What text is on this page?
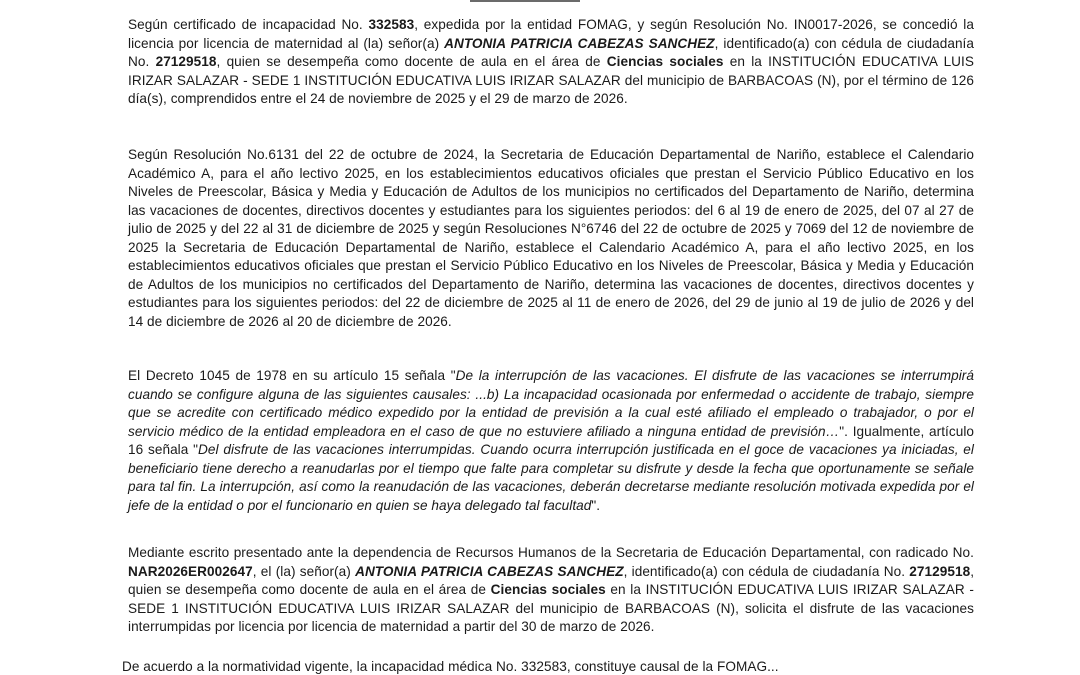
Según certificado de incapacidad No. 332583, expedida por la entidad FOMAG, y según Resolución No. IN0017-2026, se concedió la licencia por licencia de maternidad al (la) señor(a) ANTONIA PATRICIA CABEZAS SANCHEZ, identificado(a) con cédula de ciudadanía No. 27129518, quien se desempeña como docente de aula en el área de Ciencias sociales en la INSTITUCIÓN EDUCATIVA LUIS IRIZAR SALAZAR - SEDE 1 INSTITUCIÓN EDUCATIVA LUIS IRIZAR SALAZAR del municipio de BARBACOAS (N), por el término de 126 día(s), comprendidos entre el 24 de noviembre de 2025 y el 29 de marzo de 2026.

Según Resolución No.6131 del 22 de octubre de 2024, la Secretaria de Educación Departamental de Nariño, establece el Calendario Académico A, para el año lectivo 2025, en los establecimientos educativos oficiales que prestan el Servicio Público Educativo en los Niveles de Preescolar, Básica y Media y Educación de Adultos de los municipios no certificados del Departamento de Nariño, determina las vacaciones de docentes, directivos docentes y estudiantes para los siguientes periodos: del 6 al 19 de enero de 2025, del 07 al 27 de julio de 2025 y del 22 al 31 de diciembre de 2025 y según Resoluciones N°6746 del 22 de octubre de 2025 y 7069 del 12 de noviembre de 2025 la Secretaria de Educación Departamental de Nariño, establece el Calendario Académico A, para el año lectivo 2025, en los establecimientos educativos oficiales que prestan el Servicio Público Educativo en los Niveles de Preescolar, Básica y Media y Educación de Adultos de los municipios no certificados del Departamento de Nariño, determina las vacaciones de docentes, directivos docentes y estudiantes para los siguientes periodos: del 22 de diciembre de 2025 al 11 de enero de 2026, del 29 de junio al 19 de julio de 2026 y del 14 de diciembre de 2026 al 20 de diciembre de 2026.

El Decreto 1045 de 1978 en su artículo 15 señala "De la interrupción de las vacaciones. El disfrute de las vacaciones se interrumpirá cuando se configure alguna de las siguientes causales: ...b) La incapacidad ocasionada por enfermedad o accidente de trabajo, siempre que se acredite con certificado médico expedido por la entidad de previsión a la cual esté afiliado el empleado o trabajador, o por el servicio médico de la entidad empleadora en el caso de que no estuviere afiliado a ninguna entidad de previsión…". Igualmente, artículo 16 señala "Del disfrute de las vacaciones interrumpidas. Cuando ocurra interrupción justificada en el goce de vacaciones ya iniciadas, el beneficiario tiene derecho a reanudarlas por el tiempo que falte para completar su disfrute y desde la fecha que oportunamente se señale para tal fin. La interrupción, así como la reanudación de las vacaciones, deberán decretarse mediante resolución motivada expedida por el jefe de la entidad o por el funcionario en quien se haya delegado tal facultad".

Mediante escrito presentado ante la dependencia de Recursos Humanos de la Secretaria de Educación Departamental, con radicado No. NAR2026ER002647, el (la) señor(a) ANTONIA PATRICIA CABEZAS SANCHEZ, identificado(a) con cédula de ciudadanía No. 27129518, quien se desempeña como docente de aula en el área de Ciencias sociales en la INSTITUCIÓN EDUCATIVA LUIS IRIZAR SALAZAR - SEDE 1 INSTITUCIÓN EDUCATIVA LUIS IRIZAR SALAZAR del municipio de BARBACOAS (N), solicita el disfrute de las vacaciones interrumpidas por licencia por licencia de maternidad a partir del 30 de marzo de 2026.

De acuerdo a la normatividad vigente, la incapacidad médica No. 332583, constituye causal de la FOMAG...
